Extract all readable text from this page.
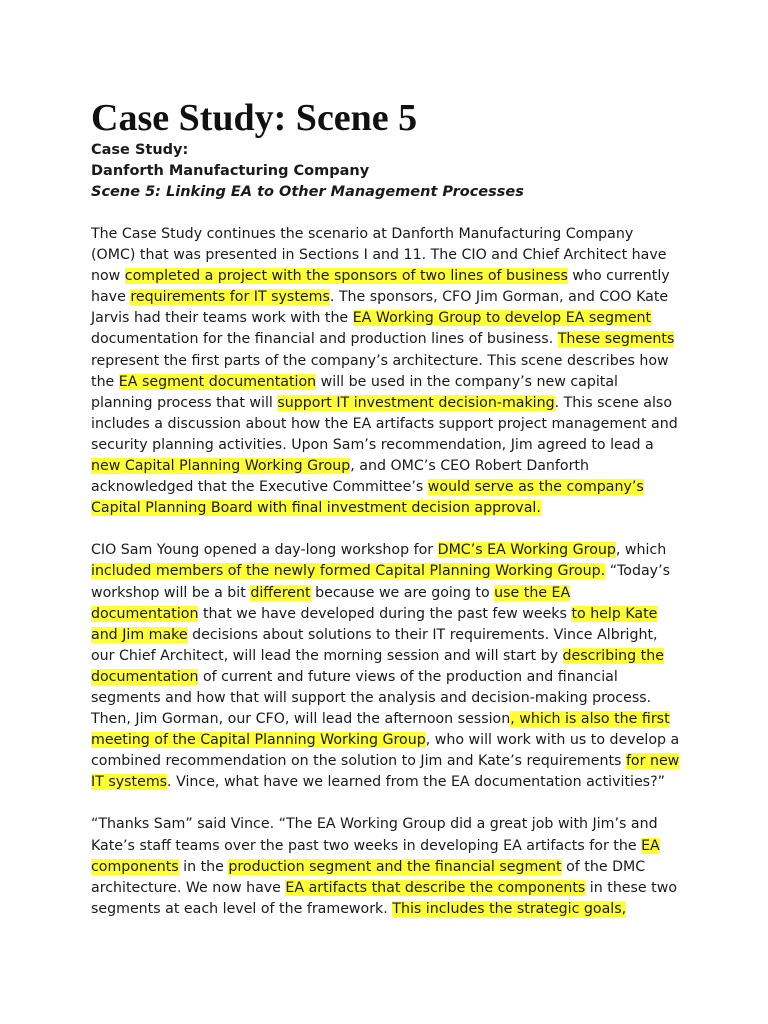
Case Study: Scene 5

Case Study:

Danforth Manufacturing Company

Scene 5: Linking EA to Other Management Processes

The Case Study continues the scenario at Danforth Manufacturing Company (OMC) that was presented in Sections I and 11. The CIO and Chief Architect have now completed a project with the sponsors of two lines of business who currently have requirements for IT systems. The sponsors, CFO Jim Gorman, and COO Kate Jarvis had their teams work with the EA Working Group to develop EA segment documentation for the financial and production lines of business. These segments represent the first parts of the company’s architecture. This scene describes how the EA segment documentation will be used in the company’s new capital planning process that will support IT investment decision-making. This scene also includes a discussion about how the EA artifacts support project management and security planning activities. Upon Sam’s recommendation, Jim agreed to lead a new Capital Planning Working Group, and OMC’s CEO Robert Danforth acknowledged that the Executive Committee’s would serve as the company’s Capital Planning Board with final investment decision approval.

CIO Sam Young opened a day-long workshop for DMC’s EA Working Group, which included members of the newly formed Capital Planning Working Group. “Today’s workshop will be a bit different because we are going to use the EA documentation that we have developed during the past few weeks to help Kate and Jim make decisions about solutions to their IT requirements. Vince Albright, our Chief Architect, will lead the morning session and will start by describing the documentation of current and future views of the production and financial segments and how that will support the analysis and decision-making process. Then, Jim Gorman, our CFO, will lead the afternoon session, which is also the first meeting of the Capital Planning Working Group, who will work with us to develop a combined recommendation on the solution to Jim and Kate’s requirements for new IT systems. Vince, what have we learned from the EA documentation activities?”

“Thanks Sam” said Vince. “The EA Working Group did a great job with Jim’s and Kate’s staff teams over the past two weeks in developing EA artifacts for the EA components in the production segment and the financial segment of the DMC architecture. We now have EA artifacts that describe the components in these two segments at each level of the framework. This includes the strategic goals,
